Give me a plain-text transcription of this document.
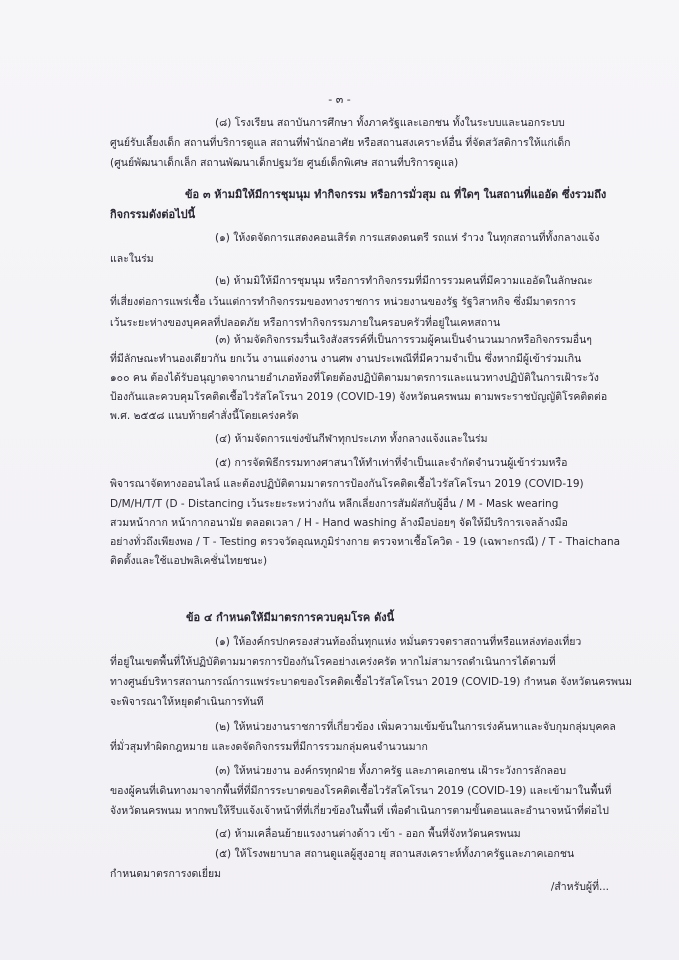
- ๓ -
(๘) โรงเรียน สถาบันการศึกษา ทั้งภาครัฐและเอกชน ทั้งในระบบและนอกระบบ
ศูนย์รับเลี้ยงเด็ก สถานที่บริการดูแล สถานที่พำนักอาศัย หรือสถานสงเคราะห์อื่น ที่จัดสวัสดิการให้แก่เด็ก
(ศูนย์พัฒนาเด็กเล็ก สถานพัฒนาเด็กปฐมวัย ศูนย์เด็กพิเศษ สถานที่บริการดูแล)
ข้อ ๓ ห้ามมิให้มีการชุมนุม ทำกิจกรรม หรือการมั่วสุม ณ ที่ใดๆ ในสถานที่แออัด ซึ่งรวมถึง
กิจกรรมดังต่อไปนี้
(๑) ให้งดจัดการแสดงคอนเสิร์ต การแสดงดนตรี รถแห่ รำวง ในทุกสถานที่ทั้งกลางแจ้ง
และในร่ม
(๒) ห้ามมิให้มีการชุมนุม หรือการทำกิจกรรมที่มีการรวมคนที่มีความแออัดในลักษณะ
ที่เสี่ยงต่อการแพร่เชื้อ เว้นแต่การทำกิจกรรมของทางราชการ หน่วยงานของรัฐ รัฐวิสาหกิจ ซึ่งมีมาตรการ
เว้นระยะห่างของบุคคลที่ปลอดภัย หรือการทำกิจกรรมภายในครอบครัวที่อยู่ในเคหสถาน
(๓) ห้ามจัดกิจกรรมรื่นเริงสังสรรค์ที่เป็นการรวมผู้คนเป็นจำนวนมากหรือกิจกรรมอื่นๆ
ที่มีลักษณะทำนองเดียวกัน ยกเว้น งานแต่งงาน งานศพ งานประเพณีที่มีความจำเป็น ซึ่งหากมีผู้เข้าร่วมเกิน
๑๐๐ คน ต้องได้รับอนุญาตจากนายอำเภอท้องที่โดยต้องปฏิบัติตามมาตรการและแนวทางปฏิบัติในการเฝ้าระวัง
ป้องกันและควบคุมโรคติดเชื้อไวรัสโคโรนา 2019 (COVID-19) จังหวัดนครพนม ตามพระราชบัญญัติโรคติดต่อ
พ.ศ. ๒๕๕๘ แนบท้ายคำสั่งนี้โดยเคร่งครัด
(๔) ห้ามจัดการแข่งขันกีฬาทุกประเภท ทั้งกลางแจ้งและในร่ม
(๕) การจัดพิธีกรรมทางศาสนาให้ทำเท่าที่จำเป็นและจำกัดจำนวนผู้เข้าร่วมหรือ
พิจารณาจัดทางออนไลน์ และต้องปฏิบัติตามมาตรการป้องกันโรคติดเชื้อไวรัสโคโรนา 2019 (COVID-19)
D/M/H/T/T (D - Distancing เว้นระยะระหว่างกัน หลีกเลี่ยงการสัมผัสกับผู้อื่น / M - Mask wearing
สวมหน้ากาก หน้ากากอนามัย ตลอดเวลา / H - Hand washing ล้างมือบ่อยๆ จัดให้มีบริการเจลล้างมือ
อย่างทั่วถึงเพียงพอ / T - Testing ตรวจวัดอุณหภูมิร่างกาย ตรวจหาเชื้อโควิด - 19 (เฉพาะกรณี) / T - Thaichana
ติดตั้งและใช้แอปพลิเคชั่นไทยชนะ)
ข้อ ๔ กำหนดให้มีมาตรการควบคุมโรค ดังนี้
(๑) ให้องค์กรปกครองส่วนท้องถิ่นทุกแห่ง หมั่นตรวจตราสถานที่หรือแหล่งท่องเที่ยว
ที่อยู่ในเขตพื้นที่ให้ปฏิบัติตามมาตรการป้องกันโรคอย่างเคร่งครัด หากไม่สามารถดำเนินการได้ตามที่
ทางศูนย์บริหารสถานการณ์การแพร่ระบาดของโรคติดเชื้อไวรัสโคโรนา 2019 (COVID-19) กำหนด จังหวัดนครพนม
จะพิจารณาให้หยุดดำเนินการทันที
(๒) ให้หน่วยงานราชการที่เกี่ยวข้อง เพิ่มความเข้มข้นในการเร่งค้นหาและจับกุมกลุ่มบุคคล
ที่มั่วสุมทำผิดกฎหมาย และงดจัดกิจกรรมที่มีการรวมกลุ่มคนจำนวนมาก
(๓) ให้หน่วยงาน องค์กรทุกฝ่าย ทั้งภาครัฐ และภาคเอกชน เฝ้าระวังการลักลอบ
ของผู้คนที่เดินทางมาจากพื้นที่ที่มีการระบาดของโรคติดเชื้อไวรัสโคโรนา 2019 (COVID-19) และเข้ามาในพื้นที่
จังหวัดนครพนม หากพบให้รีบแจ้งเจ้าหน้าที่ที่เกี่ยวข้องในพื้นที่ เพื่อดำเนินการตามขั้นตอนและอำนาจหน้าที่ต่อไป
(๔) ห้ามเคลื่อนย้ายแรงงานต่างด้าว เข้า - ออก พื้นที่จังหวัดนครพนม
(๕) ให้โรงพยาบาล สถานดูแลผู้สูงอายุ สถานสงเคราะห์ทั้งภาครัฐและภาคเอกชน
กำหนดมาตรการงดเยี่ยม
/สำหรับผู้ที่...
